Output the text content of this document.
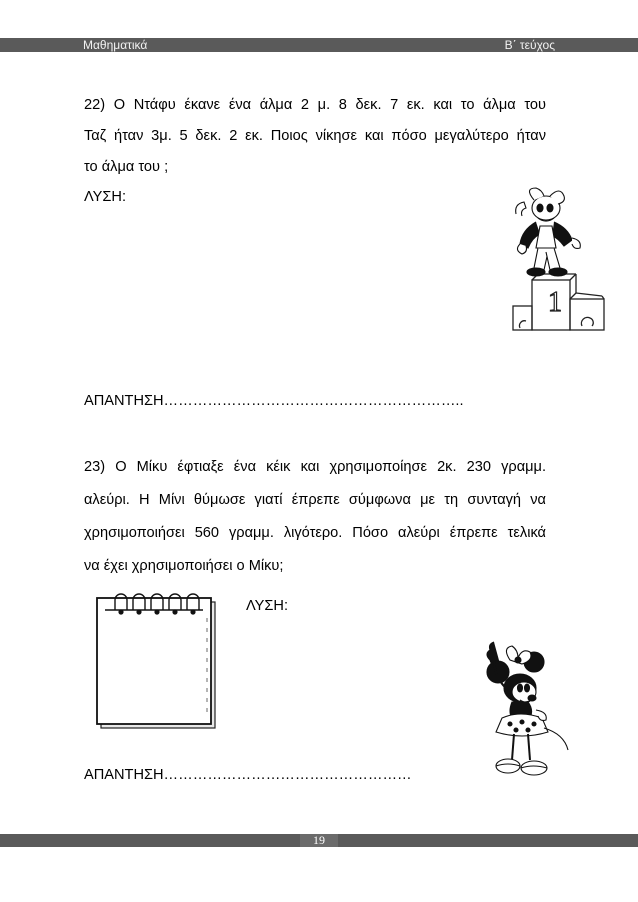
Μαθηματικά	Β΄ τεύχος
22) Ο Ντάφυ έκανε ένα άλμα 2 μ. 8 δεκ. 7 εκ. και το άλμα του
Ταζ ήταν 3μ. 5 δεκ. 2 εκ. Ποιος νίκησε και πόσο μεγαλύτερο ήταν
το άλμα του ;
ΛΥΣΗ:
1
ΑΠΑΝΤΗΣΗ……………………………………………………..
23) Ο Μίκυ έφτιαξε ένα κέικ και χρησιμοποίησε 2κ. 230 γραμμ.
αλεύρι. Η Μίνι θύμωσε γιατί έπρεπε σύμφωνα με τη συνταγή να
χρησιμοποιήσει 560 γραμμ. λιγότερο. Πόσο αλεύρι έπρεπε τελικά
να έχει χρησιμοποιήσει ο Μίκυ;
ΛΥΣΗ:
ΑΠΑΝΤΗΣΗ……………………………………………
19
